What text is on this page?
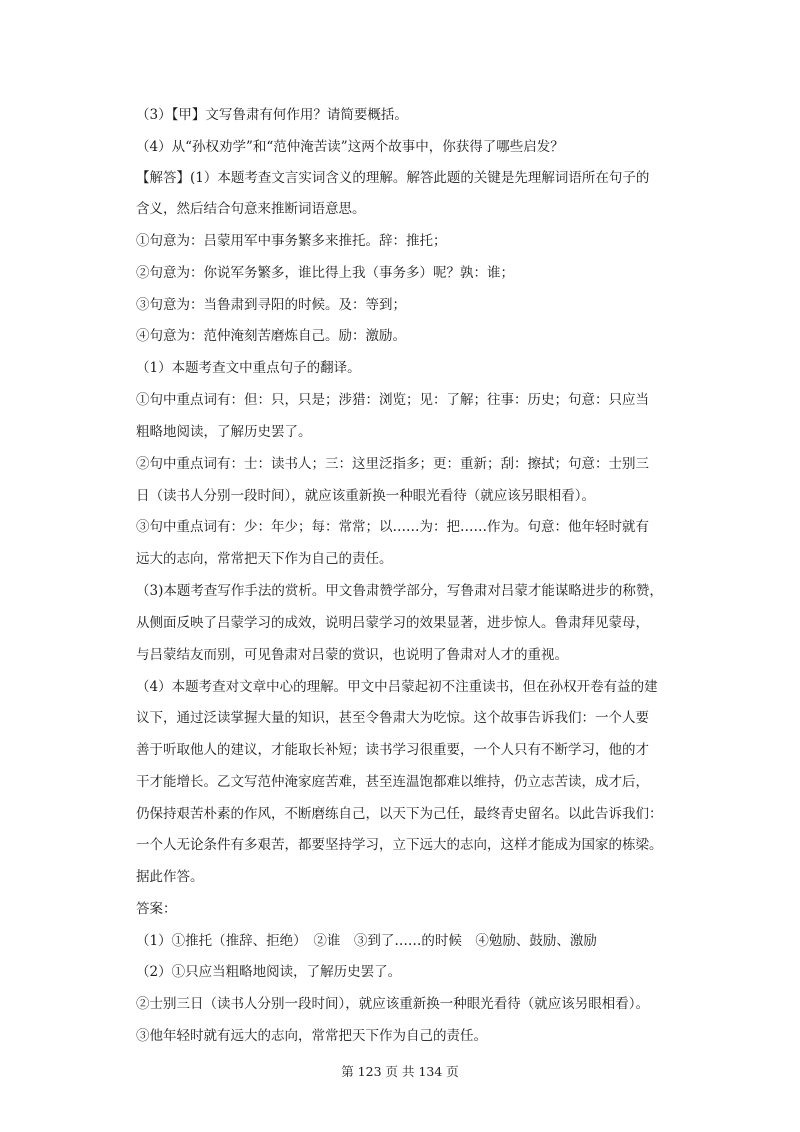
（3）【甲】文写鲁肃有何作用？请简要概括。
（4）从“孙权劝学”和“范仲淹苦读”这两个故事中，你获得了哪些启发？
【解答】(1）本题考查文言实词含义的理解。解答此题的关键是先理解词语所在句子的
含义，然后结合句意来推断词语意思。
①句意为：吕蒙用军中事务繁多来推托。辞：推托；
②句意为：你说军务繁多，谁比得上我（事务多）呢？孰：谁；
③句意为：当鲁肃到寻阳的时候。及：等到；
④句意为：范仲淹刻苦磨炼自己。励：激励。
（1）本题考查文中重点句子的翻译。
①句中重点词有：但：只，只是；涉猎：浏览；见：了解；往事：历史；句意：只应当
粗略地阅读，了解历史罢了。
②句中重点词有：士：读书人；三：这里泛指多；更：重新；刮：擦拭；句意：士别三
日（读书人分别一段时间），就应该重新换一种眼光看待（就应该另眼相看）。
③句中重点词有：少：年少；每：常常；以……为：把……作为。句意：他年轻时就有
远大的志向，常常把天下作为自己的责任。
（3)本题考查写作手法的赏析。甲文鲁肃赞学部分，写鲁肃对吕蒙才能谋略进步的称赞，
从侧面反映了吕蒙学习的成效，说明吕蒙学习的效果显著，进步惊人。鲁肃拜见蒙母，
与吕蒙结友而别，可见鲁肃对吕蒙的赏识，也说明了鲁肃对人才的重视。
（4）本题考查对文章中心的理解。甲文中吕蒙起初不注重读书，但在孙权开卷有益的建
议下，通过泛读掌握大量的知识，甚至令鲁肃大为吃惊。这个故事告诉我们：一个人要
善于听取他人的建议，才能取长补短；读书学习很重要，一个人只有不断学习，他的才
干才能增长。乙文写范仲淹家庭苦难，甚至连温饱都难以维持，仍立志苦读，成才后，
仍保持艰苦朴素的作风，不断磨练自己，以天下为己任，最终青史留名。以此告诉我们：
一个人无论条件有多艰苦，都要坚持学习，立下远大的志向，这样才能成为国家的栋梁。
据此作答。
答案：
（1）①推托（推辞、拒绝）　②谁　③到了……的时候　④勉励、鼓励、激励
（2）①只应当粗略地阅读，了解历史罢了。
②士别三日（读书人分别一段时间），就应该重新换一种眼光看待（就应该另眼相看）。
③他年轻时就有远大的志向，常常把天下作为自己的责任。
第 123 页 共 134 页
